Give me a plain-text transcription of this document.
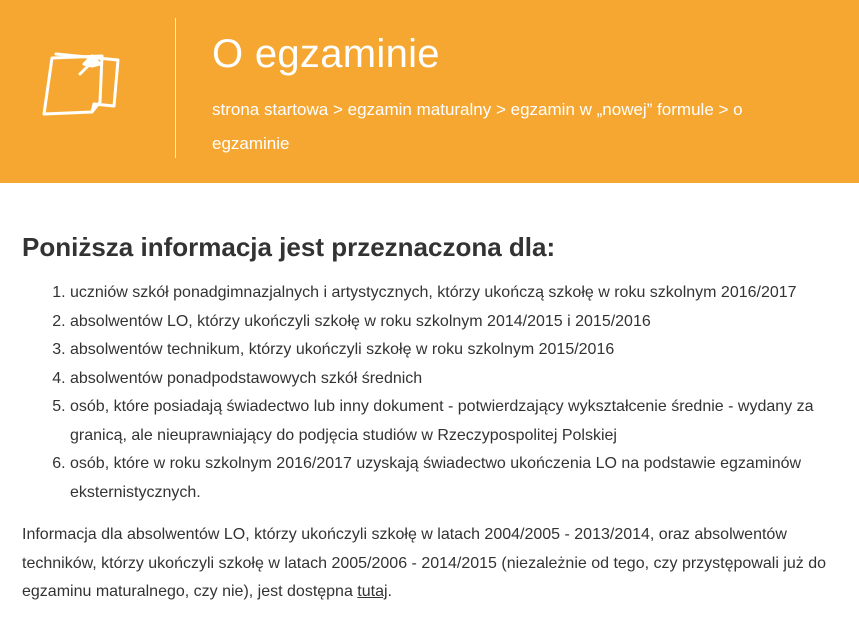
O egzaminie
strona startowa > egzamin maturalny > egzamin w „nowej” formule > o egzaminie
Poniższa informacja jest przeznaczona dla:
1. uczniów szkół ponadgimnazjalnych i artystycznych, którzy ukończą szkołę w roku szkolnym 2016/2017
2. absolwentów LO, którzy ukończyli szkołę w roku szkolnym 2014/2015 i 2015/2016
3. absolwentów technikum, którzy ukończyli szkołę w roku szkolnym 2015/2016
4. absolwentów ponadpodstawowych szkół średnich
5. osób, które posiadają świadectwo lub inny dokument - potwierdzający wykształcenie średnie - wydany za granicą, ale nieuprawniający do podjęcia studiów w Rzeczypospolitej Polskiej
6. osób, które w roku szkolnym 2016/2017 uzyskają świadectwo ukończenia LO na podstawie egzaminów eksternistycznych.

Informacja dla absolwentów LO, którzy ukończyli szkołę w latach 2004/2005 - 2013/2014, oraz absolwentów techników, którzy ukończyli szkołę w latach 2005/2006 - 2014/2015 (niezależnie od tego, czy przystępowali już do egzaminu maturalnego, czy nie), jest dostępna tutaj.
